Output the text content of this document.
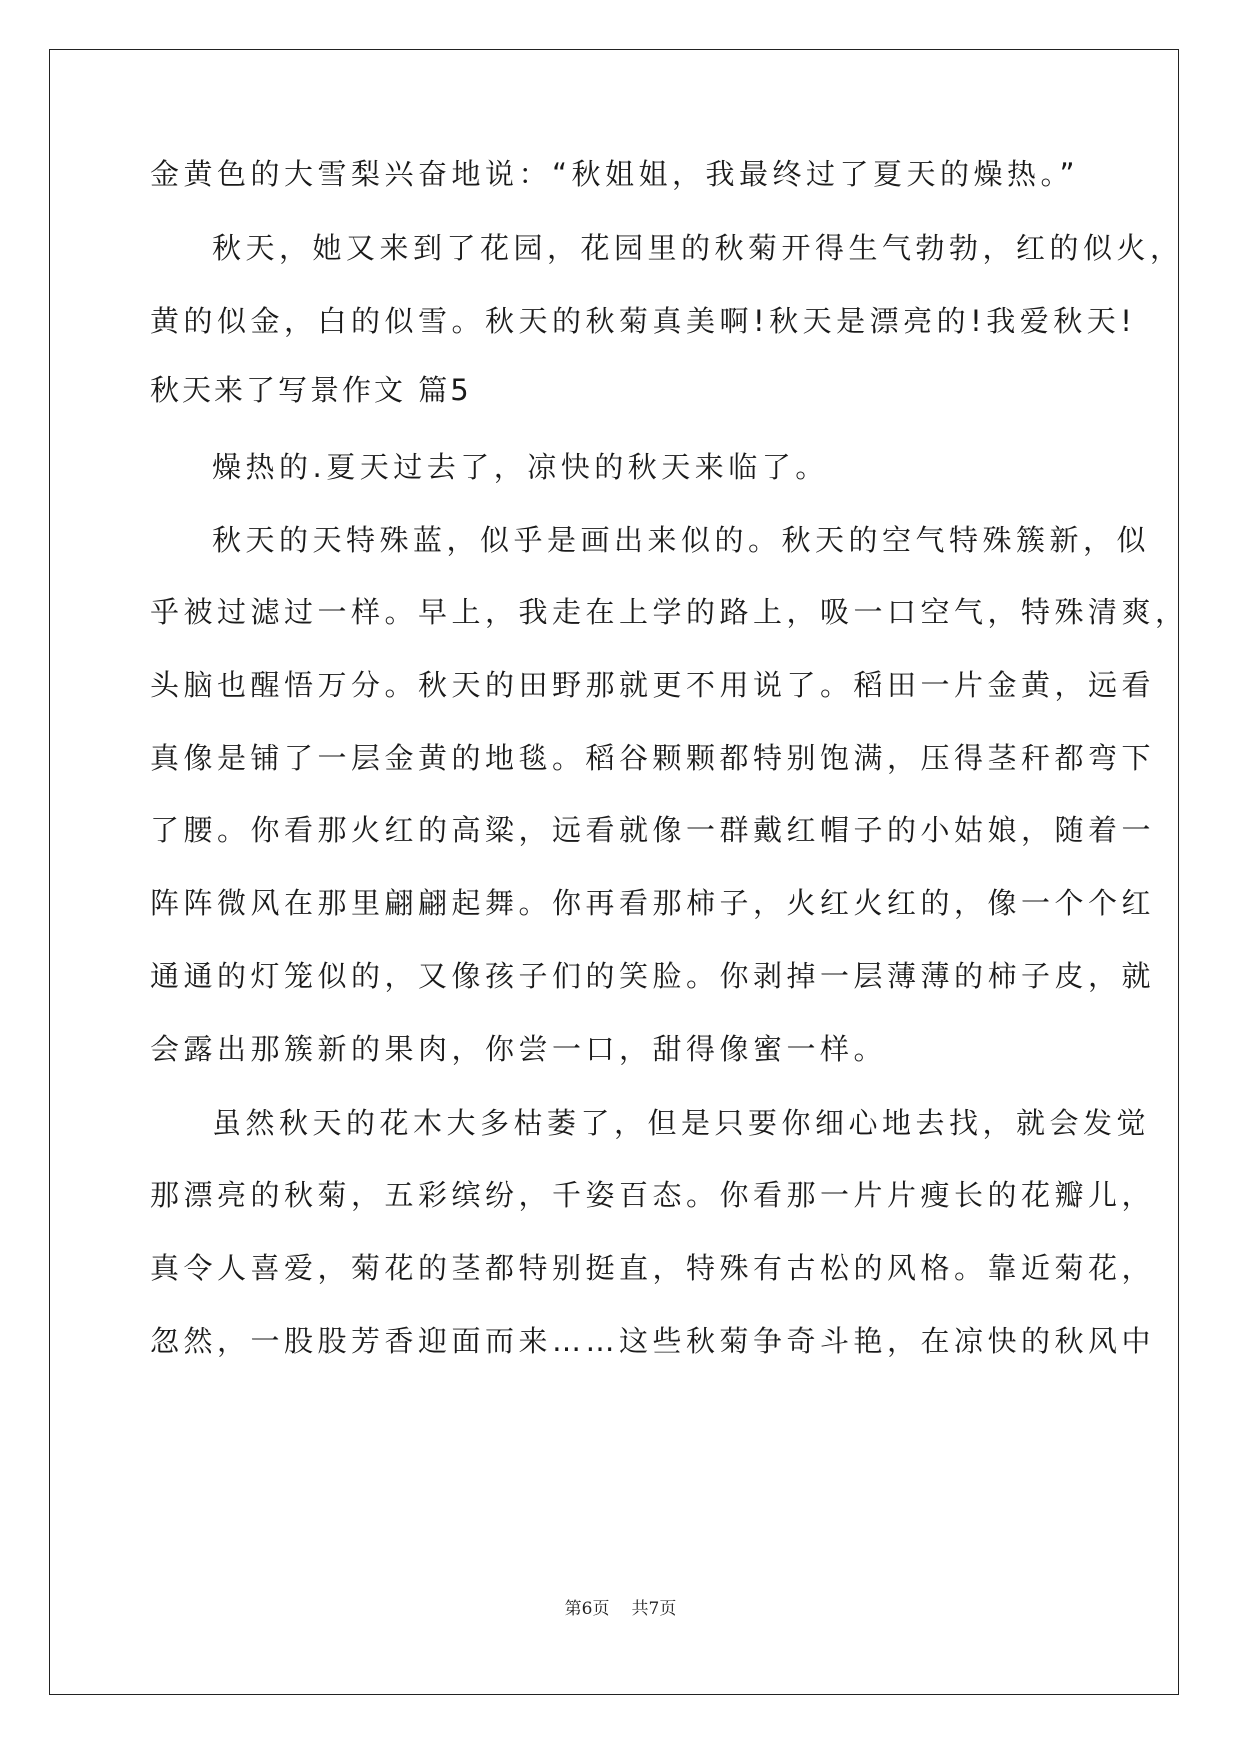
金黄色的大雪梨兴奋地说：“秋姐姐，我最终过了夏天的燥热。”
秋天，她又来到了花园，花园里的秋菊开得生气勃勃，红的似火，
黄的似金，白的似雪。秋天的秋菊真美啊!秋天是漂亮的!我爱秋天!
秋天来了写景作文 篇5
燥热的.夏天过去了，凉快的秋天来临了。
秋天的天特殊蓝，似乎是画出来似的。秋天的空气特殊簇新，似
乎被过滤过一样。早上，我走在上学的路上，吸一口空气，特殊清爽，
头脑也醒悟万分。秋天的田野那就更不用说了。稻田一片金黄，远看
真像是铺了一层金黄的地毯。稻谷颗颗都特别饱满，压得茎秆都弯下
了腰。你看那火红的高粱，远看就像一群戴红帽子的小姑娘，随着一
阵阵微风在那里翩翩起舞。你再看那柿子，火红火红的，像一个个红
通通的灯笼似的，又像孩子们的笑脸。你剥掉一层薄薄的柿子皮，就
会露出那簇新的果肉，你尝一口，甜得像蜜一样。
虽然秋天的花木大多枯萎了，但是只要你细心地去找，就会发觉
那漂亮的秋菊，五彩缤纷，千姿百态。你看那一片片瘦长的花瓣儿，
真令人喜爱，菊花的茎都特别挺直，特殊有古松的风格。靠近菊花，
忽然，一股股芳香迎面而来……这些秋菊争奇斗艳，在凉快的秋风中
第6页 共7页
